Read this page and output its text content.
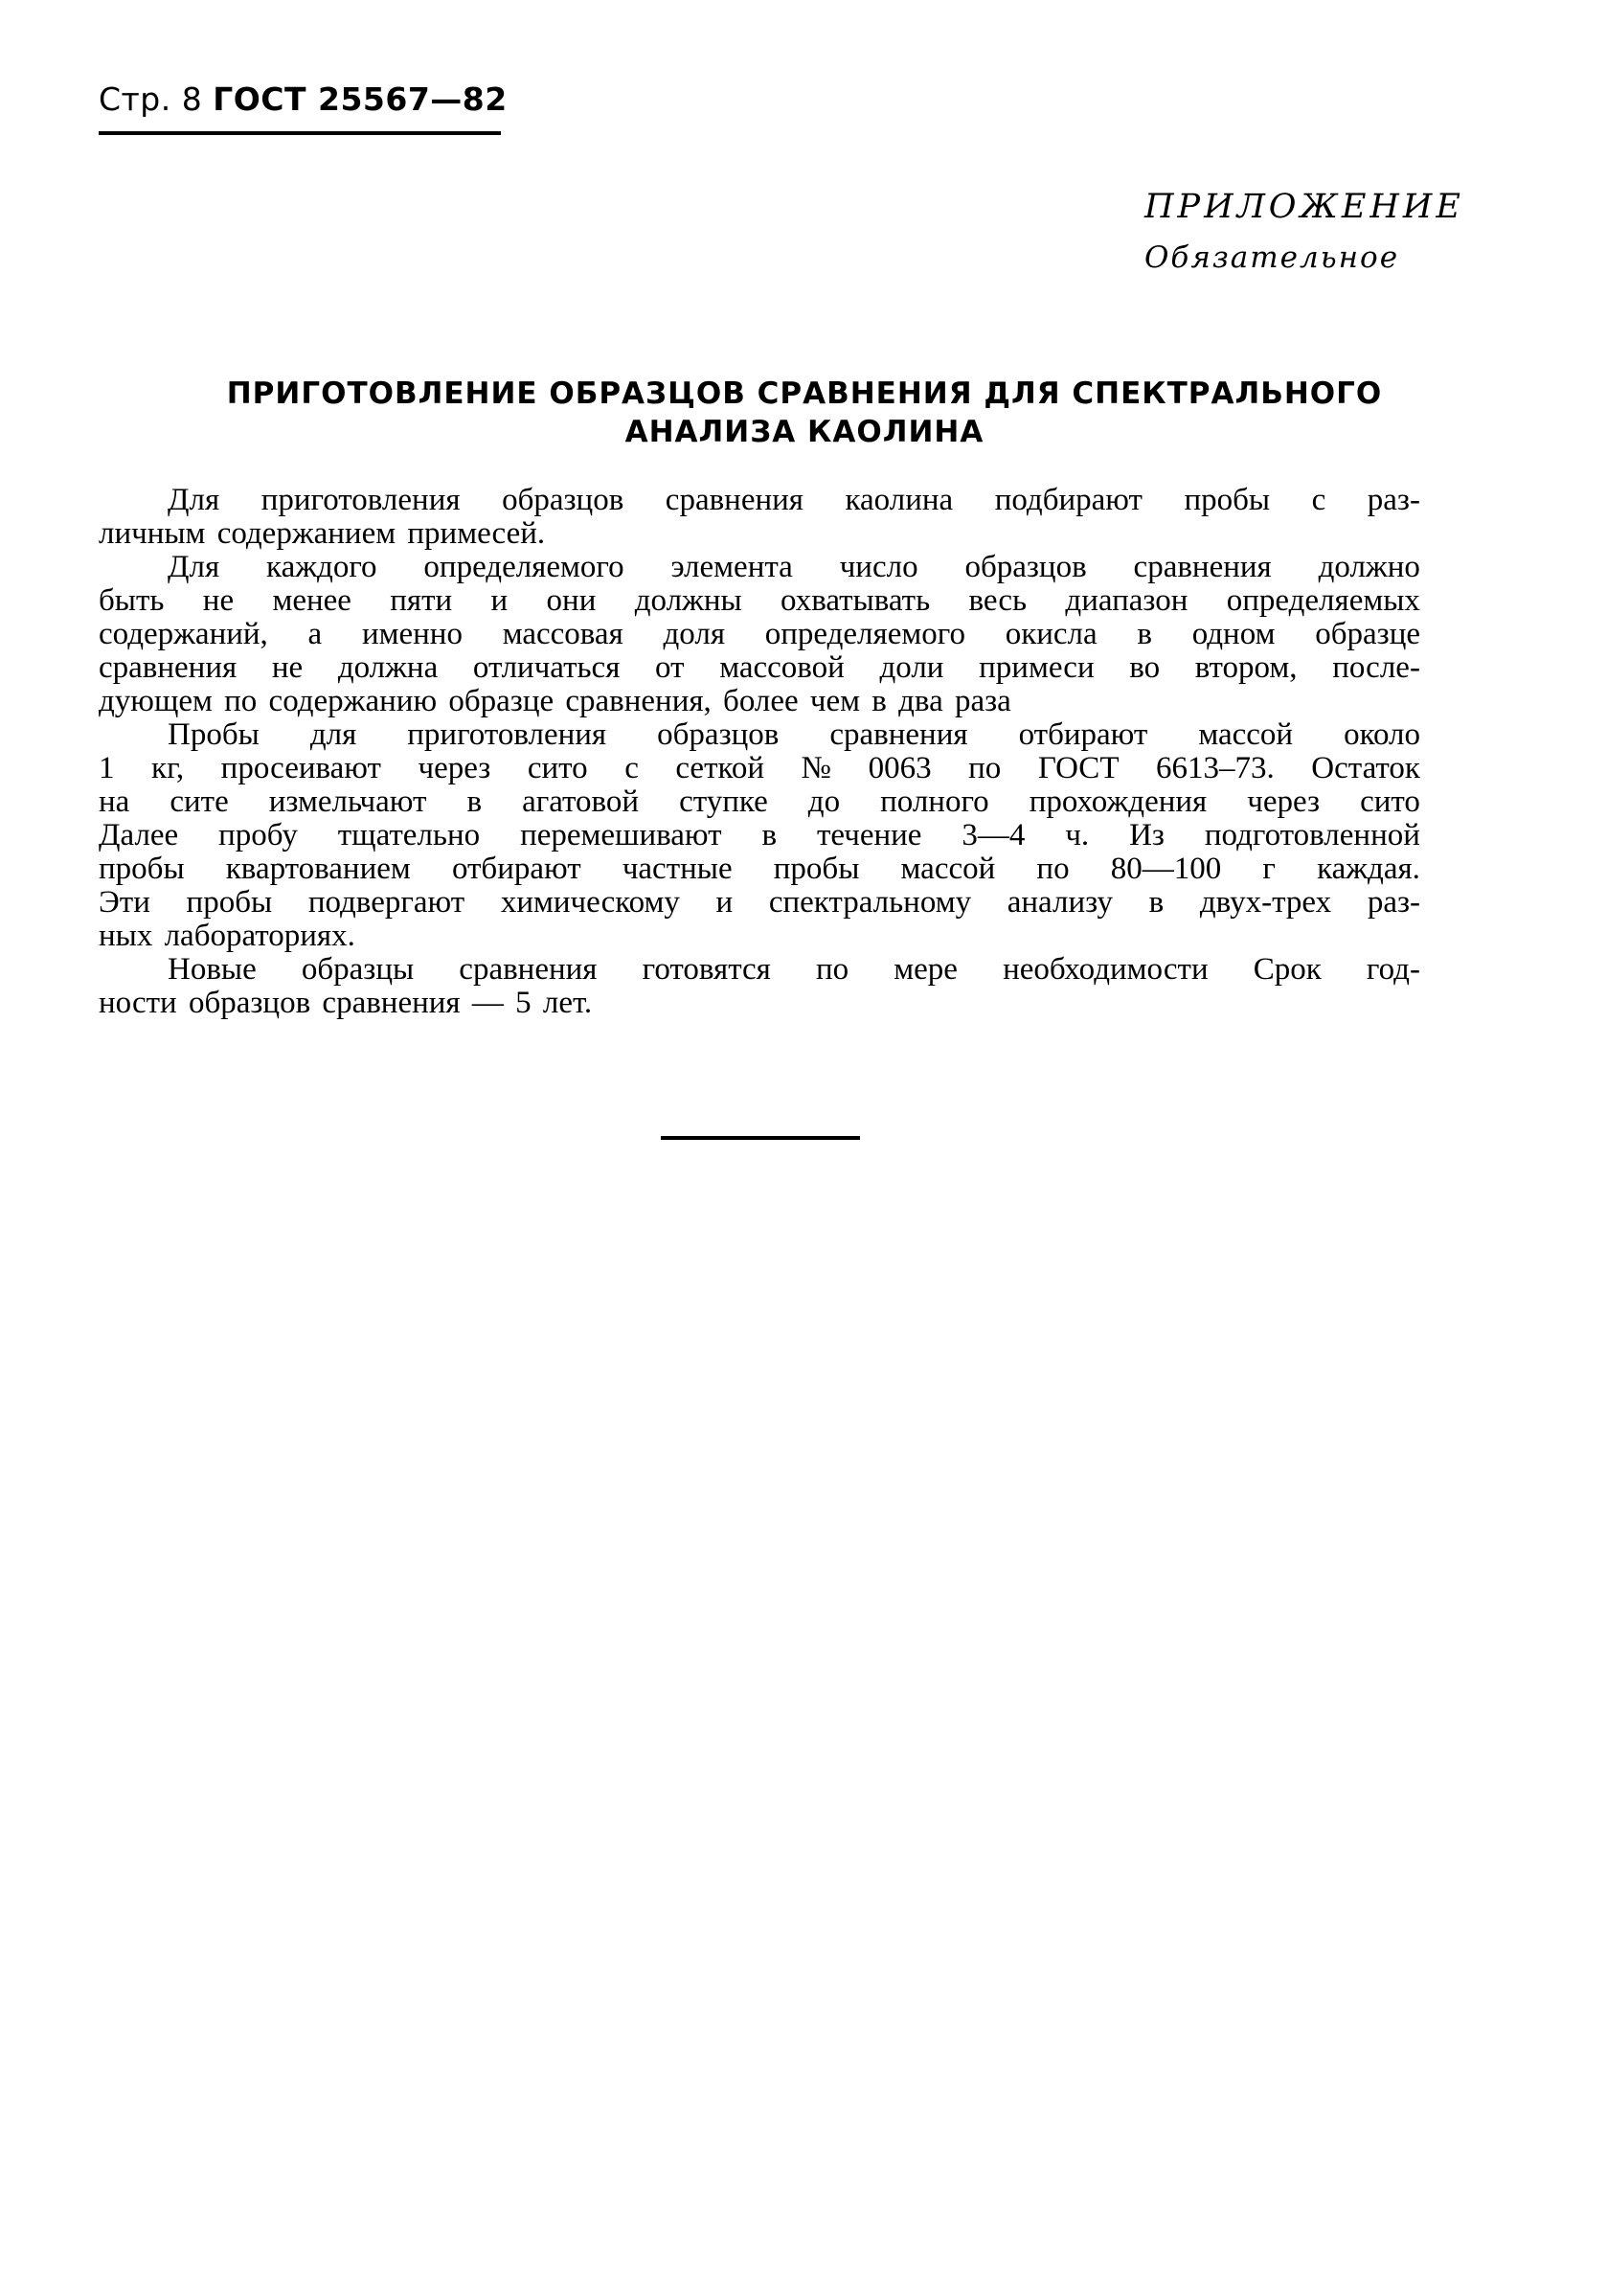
Стр. 8 ГОСТ 25567—82
ПРИЛОЖЕНИЕ
Обязательное
ПРИГОТОВЛЕНИЕ ОБРАЗЦОВ СРАВНЕНИЯ ДЛЯ СПЕКТРАЛЬНОГО
АНАЛИЗА КАОЛИНА
Для приготовления образцов сравнения каолина подбирают пробы с раз-
личным содержанием примесей.
Для каждого определяемого элемента число образцов сравнения должно
быть не менее пяти и они должны охватывать весь диапазон определяемых
содержаний, а именно массовая доля определяемого окисла в одном образце
сравнения не должна отличаться от массовой доли примеси во втором, после-
дующем по содержанию образце сравнения, более чем в два раза
Пробы для приготовления образцов сравнения отбирают массой около
1 кг, просеивают через сито с сеткой № 0063 по ГОСТ 6613–73. Остаток
на сите измельчают в агатовой ступке до полного прохождения через сито
Далее пробу тщательно перемешивают в течение 3—4 ч. Из подготовленной
пробы квартованием отбирают частные пробы массой по 80—100 г каждая.
Эти пробы подвергают химическому и спектральному анализу в двух-трех раз-
ных лабораториях.
Новые образцы сравнения готовятся по мере необходимости Срок год-
ности образцов сравнения — 5 лет.
